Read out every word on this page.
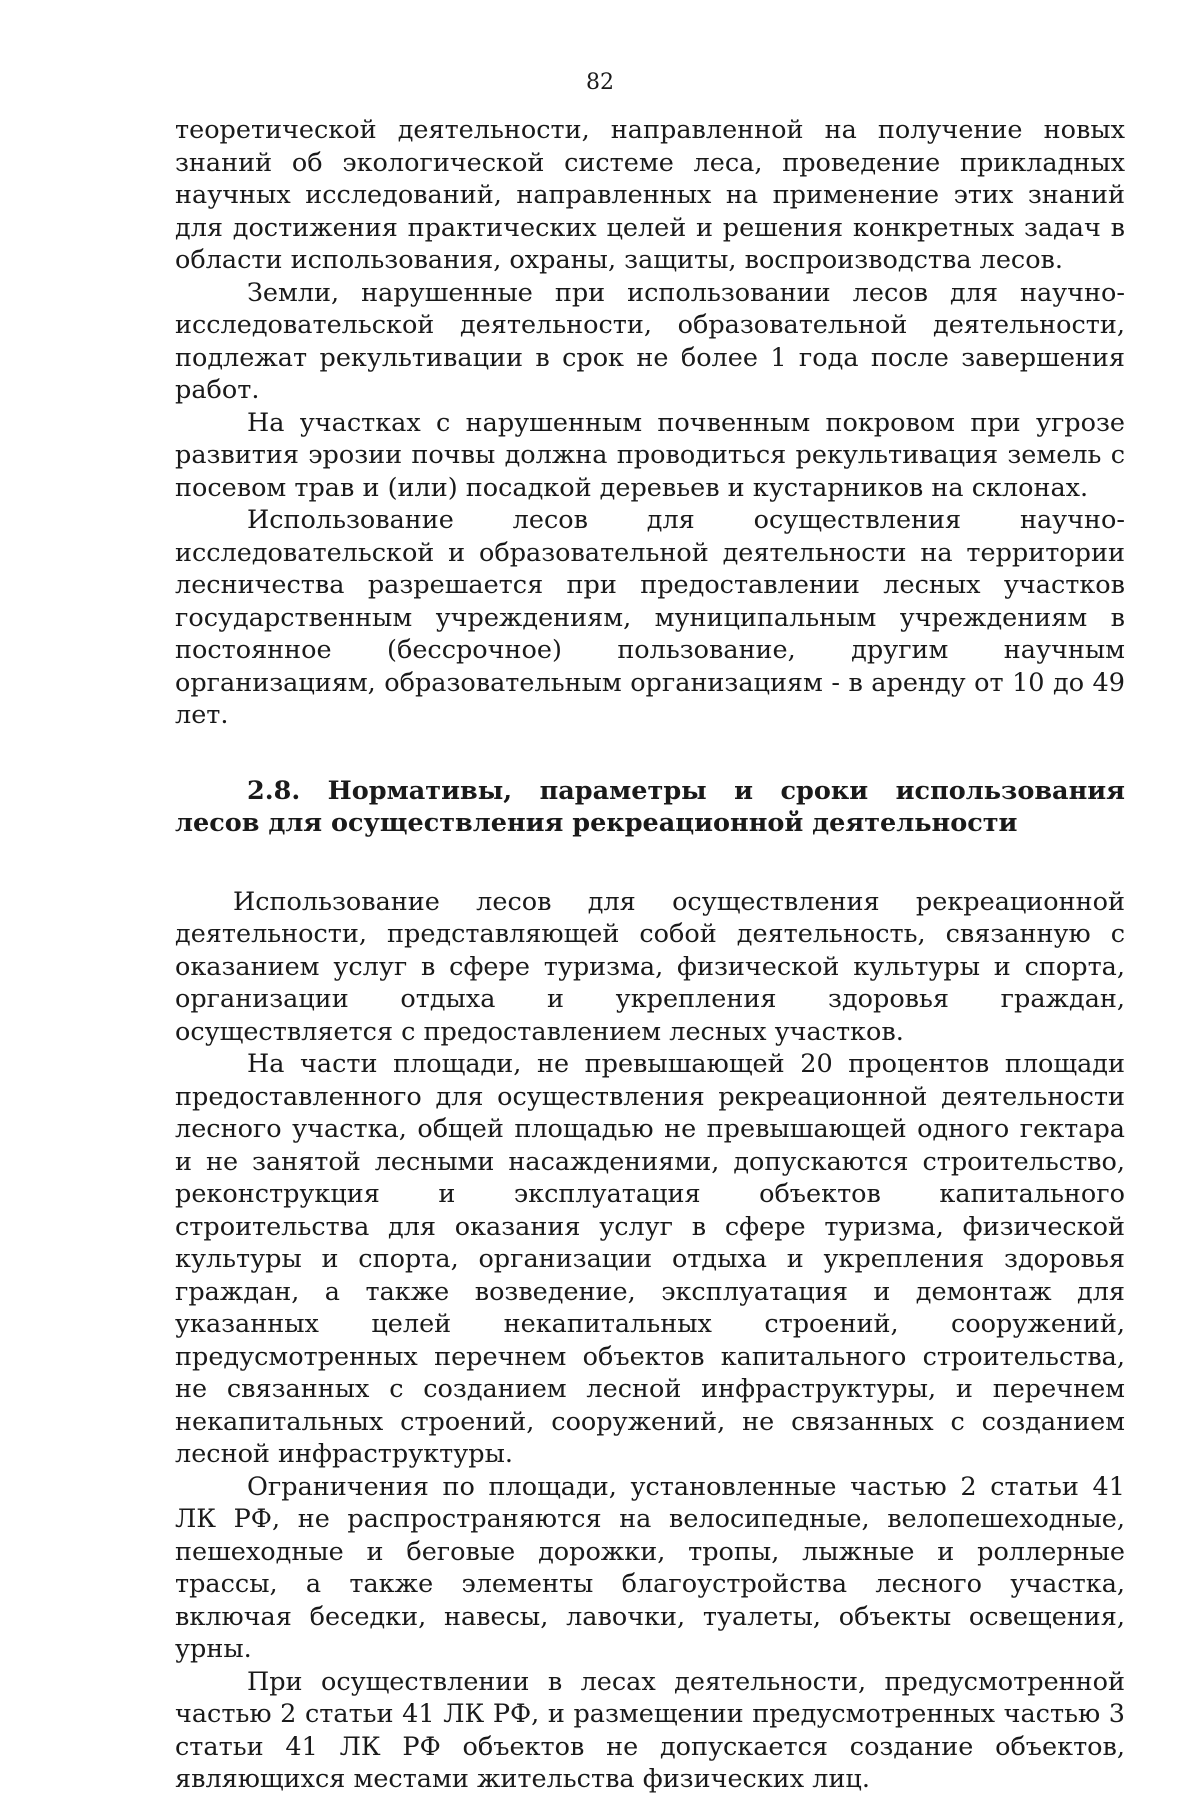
82

теоретической деятельности, направленной на получение новых знаний об экологической системе леса, проведение прикладных научных исследований, направленных на применение этих знаний для достижения практических целей и решения конкретных задач в области использования, охраны, защиты, воспроизводства лесов.

Земли, нарушенные при использовании лесов для научно-исследовательской деятельности, образовательной деятельности, подлежат рекультивации в срок не более 1 года после завершения работ.

На участках с нарушенным почвенным покровом при угрозе развития эрозии почвы должна проводиться рекультивация земель с посевом трав и (или) посадкой деревьев и кустарников на склонах.

Использование лесов для осуществления научно-исследовательской и образовательной деятельности на территории лесничества разрешается при предоставлении лесных участков государственным учреждениям, муниципальным учреждениям в постоянное (бессрочное) пользование, другим научным организациям, образовательным организациям - в аренду от 10 до 49 лет.

2.8. Нормативы, параметры и сроки использования лесов для осуществления рекреационной деятельности

Использование лесов для осуществления рекреационной деятельности, представляющей собой деятельность, связанную с оказанием услуг в сфере туризма, физической культуры и спорта, организации отдыха и укрепления здоровья граждан, осуществляется с предоставлением лесных участков.

На части площади, не превышающей 20 процентов площади предоставленного для осуществления рекреационной деятельности лесного участка, общей площадью не превышающей одного гектара и не занятой лесными насаждениями, допускаются строительство, реконструкция и эксплуатация объектов капитального строительства для оказания услуг в сфере туризма, физической культуры и спорта, организации отдыха и укрепления здоровья граждан, а также возведение, эксплуатация и демонтаж для указанных целей некапитальных строений, сооружений, предусмотренных перечнем объектов капитального строительства, не связанных с созданием лесной инфраструктуры, и перечнем некапитальных строений, сооружений, не связанных с созданием лесной инфраструктуры.

Ограничения по площади, установленные частью 2 статьи 41 ЛК РФ, не распространяются на велосипедные, велопешеходные, пешеходные и беговые дорожки, тропы, лыжные и роллерные трассы, а также элементы благоустройства лесного участка, включая беседки, навесы, лавочки, туалеты, объекты освещения, урны.

При осуществлении в лесах деятельности, предусмотренной частью 2 статьи 41 ЛК РФ, и размещении предусмотренных частью 3 статьи 41 ЛК РФ объектов не допускается создание объектов, являющихся местами жительства физических лиц.
